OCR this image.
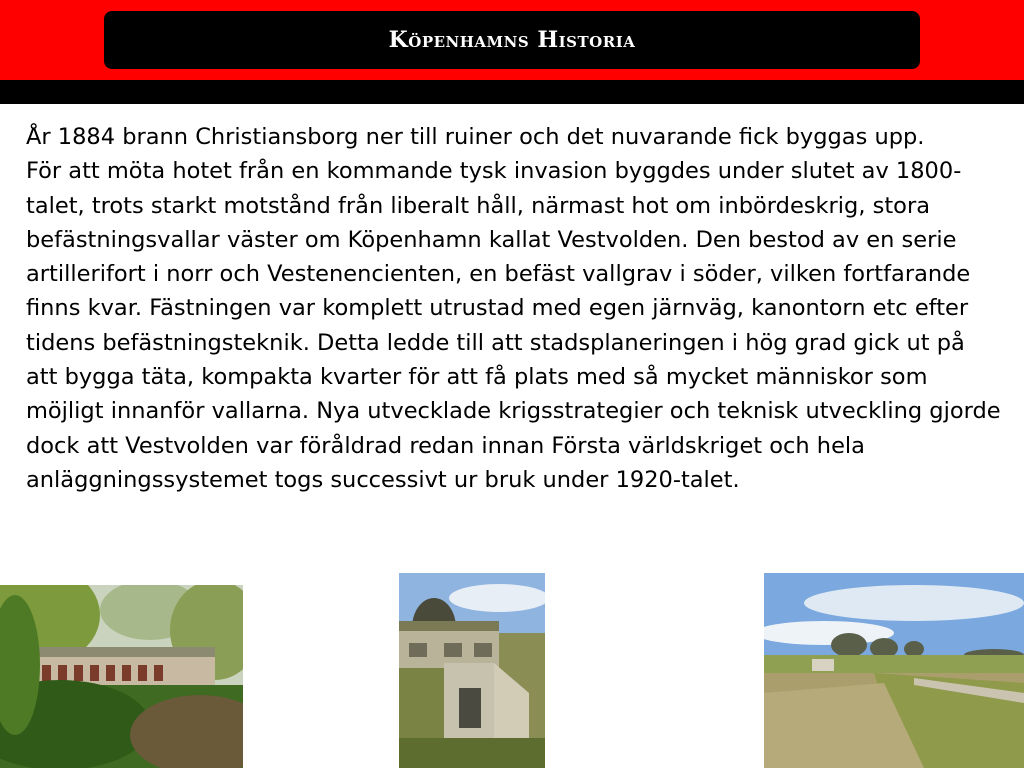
Köpenhamns Historia

År 1884 brann Christiansborg ner till ruiner och det nuvarande fick byggas upp.

För att möta hotet från en kommande tysk invasion byggdes under slutet av 1800-talet, trots starkt motstånd från liberalt håll, närmast hot om inbördeskrig, stora befästningsvallar väster om Köpenhamn kallat Vestvolden. Den bestod av en serie artillerifort i norr och Vestenencienten, en befäst vallgrav i söder, vilken fortfarande finns kvar. Fästningen var komplett utrustad med egen järnväg, kanontorn etc efter tidens befästningsteknik. Detta ledde till att stadsplaneringen i hög grad gick ut på att bygga täta, kompakta kvarter för att få plats med så mycket människor som möjligt innanför vallarna. Nya utvecklade krigsstrategier och teknisk utveckling gjorde dock att Vestvolden var föråldrad redan innan Första världskriget och hela anläggningssystemet togs successivt ur bruk under 1920-talet.
